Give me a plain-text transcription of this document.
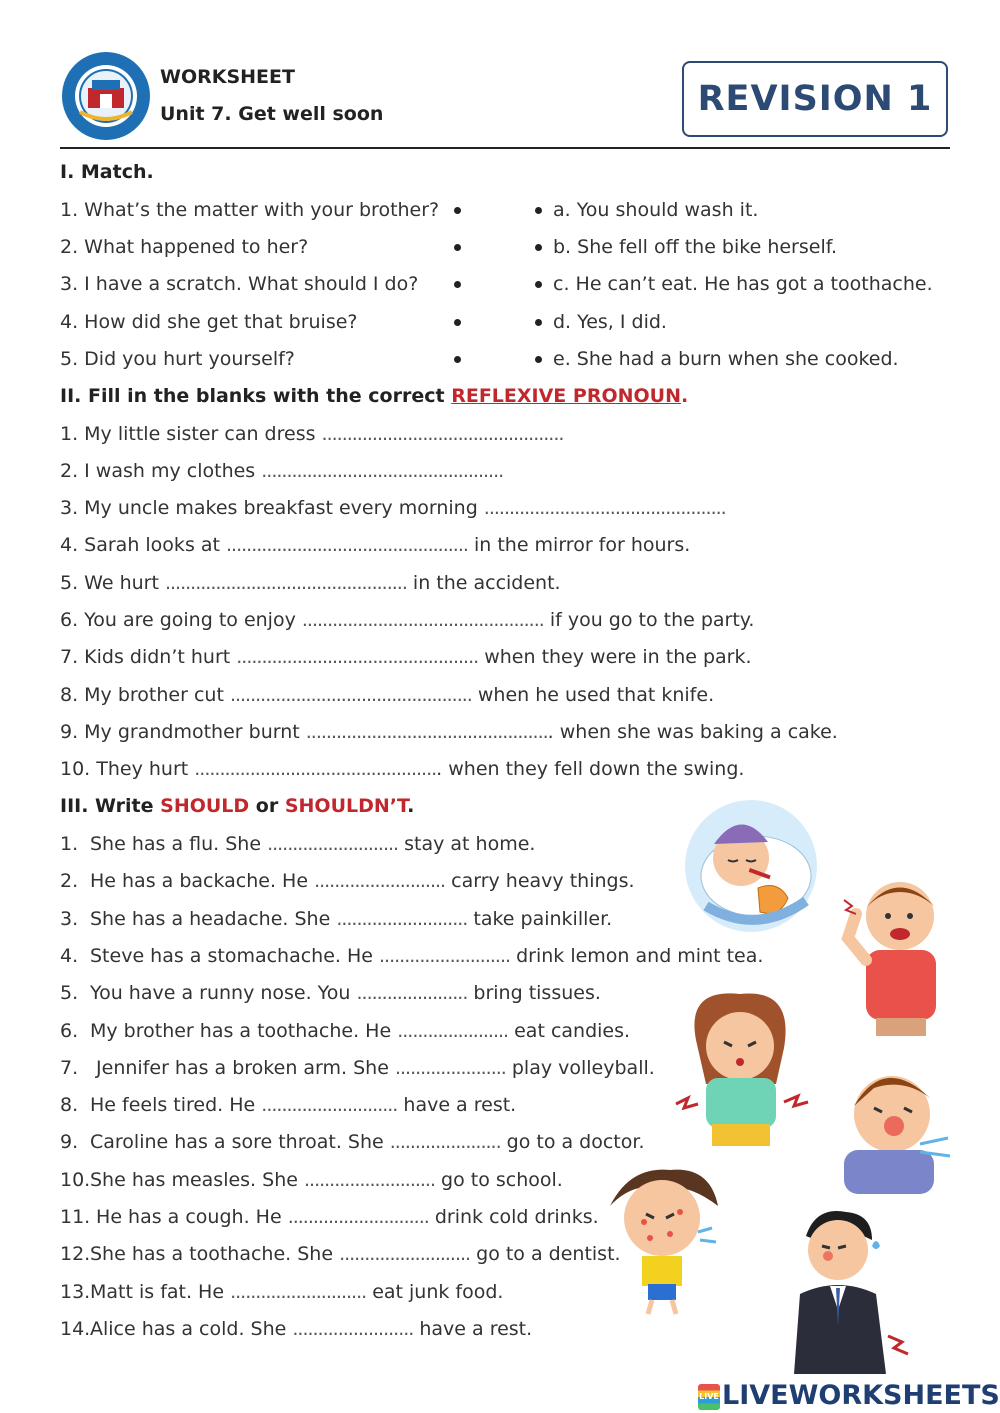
WORKSHEET
Unit 7. Get well soon	REVISION 1
I. Match.
1. What’s the matter with your brother?
2. What happened to her?
3. I have a scratch. What should I do?
4. How did she get that bruise?
5. Did you hurt yourself?
a. You should wash it.
b. She fell off the bike herself.
c. He can’t eat. He has got a toothache.
d. Yes, I did.
e. She had a burn when she cooked.
II. Fill in the blanks with the correct REFLEXIVE PRONOUN.
1. My little sister can dress ................................................
2. I wash my clothes ................................................
3. My uncle makes breakfast every morning ................................................
4. Sarah looks at ................................................ in the mirror for hours.
5. We hurt ................................................ in the accident.
6. You are going to enjoy ................................................ if you go to the party.
7. Kids didn’t hurt ................................................ when they were in the park.
8. My brother cut ................................................ when he used that knife.
9. My grandmother burnt ................................................. when she was baking a cake.
10. They hurt ................................................. when they fell down the swing.
III. Write SHOULD or SHOULDN’T.
1. She has a flu. She .......................... stay at home.
2. He has a backache. He .......................... carry heavy things.
3. She has a headache. She .......................... take painkiller.
4. Steve has a stomachache. He .......................... drink lemon and mint tea.
5. You have a runny nose. You ...................... bring tissues.
6. My brother has a toothache. He ...................... eat candies.
7. Jennifer has a broken arm. She ...................... play volleyball.
8. He feels tired. He ........................... have a rest.
9. Caroline has a sore throat. She ...................... go to a doctor.
10.She has measles. She .......................... go to school.
11. He has a cough. He ............................ drink cold drinks.
12.She has a toothache. She .......................... go to a dentist.
13.Matt is fat. He ........................... eat junk food.
14.Alice has a cold. She ........................ have a rest.
LIVE LIVEWORKSHEETS
